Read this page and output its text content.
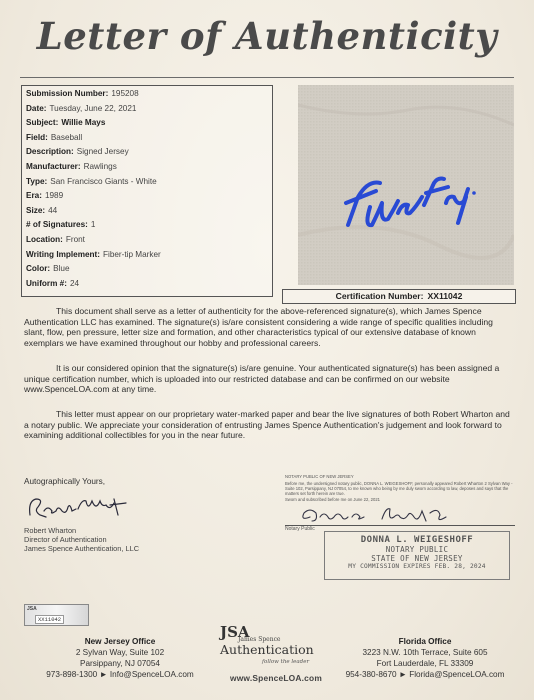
Letter of Authenticity
Submission Number: 195208
Date: Tuesday, June 22, 2021
Subject: Willie Mays
Field: Baseball
Description: Signed Jersey
Manufacturer: Rawlings
Type: San Francisco Giants - White
Era: 1989
Size: 44
# of Signatures: 1
Location: Front
Writing Implement: Fiber-tip Marker
Color: Blue
Uniform #: 24
Certification Number: XX11042
This document shall serve as a letter of authenticity for the above-referenced signature(s), which James Spence Authentication LLC has examined. The signature(s) is/are consistent considering a wide range of specific qualities including slant, flow, pen pressure, letter size and formation, and other characteristics typical of our extensive database of known exemplars we have examined throughout our hobby and professional careers.
It is our considered opinion that the signature(s) is/are genuine. Your authenticated signature(s) has been assigned a unique certification number, which is uploaded into our restricted database and can be confirmed on our website www.SpenceLOA.com at any time.
This letter must appear on our proprietary water-marked paper and bear the live signatures of both Robert Wharton and a notary public. We appreciate your consideration of entrusting James Spence Authentication's judgement and look forward to examining additional collectibles for you in the near future.
Autographically Yours,
Robert Wharton
Director of Authentication
James Spence Authentication, LLC
NOTARY PUBLIC OF NEW JERSEY
Before me, the undersigned notary public, DONNA L. WEIGESHOFF, personally appeared Robert Wharton 2 Sylvan Way - Suite 102, Parsippany, NJ 07054, to me known who being by me duly sworn according to law, deposes and says that the matters set forth herein are true.
Sworn and subscribed before me on June 22, 2021
Notary Public
DONNA L. WEIGESHOFF
NOTARY PUBLIC
STATE OF NEW JERSEY
MY COMMISSION EXPIRES FEB. 28, 2024
JSA
XX11042
New Jersey Office
2 Sylvan Way, Suite 102
Parsippany, NJ 07054
973-898-1300 ► Info@SpenceLOA.com
JSA
James Spence
Authentication
follow the leader
www.SpenceLOA.com
Florida Office
3223 N.W. 10th Terrace, Suite 605
Fort Lauderdale, FL 33309
954-380-8670 ► Florida@SpenceLOA.com
